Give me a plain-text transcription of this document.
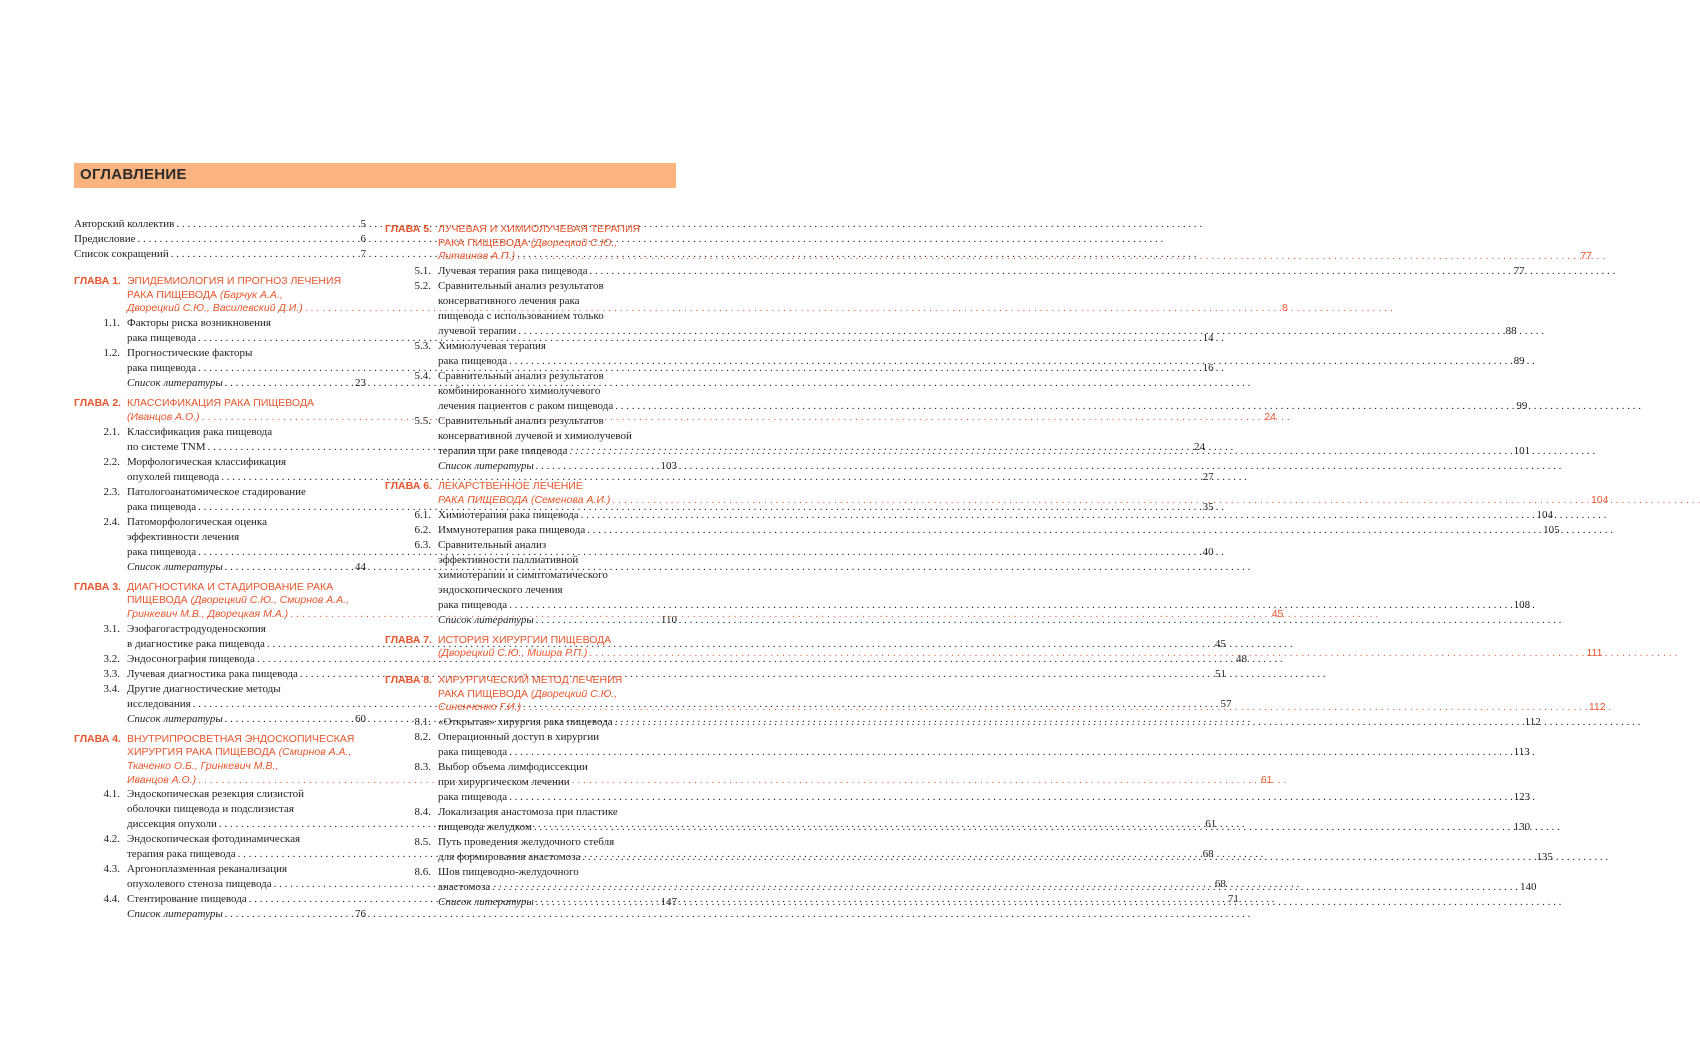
ОГЛАВЛЕНИЕ
Авторский коллектив . . .	5
Предисловие . . .	6
Список сокращений . . .	7
ГЛАВА 1. ЭПИДЕМИОЛОГИЯ И ПРОГНОЗ ЛЕЧЕНИЯ
РАКА ПИЩЕВОДА (Барчук А.А.,
Дворецкий С.Ю., Василевский Д.И.) . . .	8
1.1. Факторы риска возникновения
рака пищевода . . .	14
1.2. Прогностические факторы
рака пищевода . . .	16
Список литературы . . .	23
ГЛАВА 2. КЛАССИФИКАЦИЯ РАКА ПИЩЕВОДА
(Иванцов А.О.) . . .	24
2.1. Классификация рака пищевода
по системе TNM . . .	24
2.2. Морфологическая классификация
опухолей пищевода . . .	27
2.3. Патологоанатомическое стадирование
рака пищевода . . .	35
2.4. Патоморфологическая оценка
эффективности лечения
рака пищевода . . .	40
Список литературы . . .	44
ГЛАВА 3. ДИАГНОСТИКА И СТАДИРОВАНИЕ РАКА
ПИЩЕВОДА (Дворецкий С.Ю., Смирнов А.А.,
Гринкевич М.В., Дворецкая М.А.) . . .	45
3.1. Эзофагогастродуоденоскопия
в диагностике рака пищевода . . .	45
3.2. Эндосонография пищевода . . .	48
3.3. Лучевая диагностика рака пищевода . . .	51
3.4. Другие диагностические методы
исследования . . .	57
Список литературы . . .	60
ГЛАВА 4. ВНУТРИПРОСВЕТНАЯ ЭНДОСКОПИЧЕСКАЯ
ХИРУРГИЯ РАКА ПИЩЕВОДА (Смирнов А.А.,
Ткаченко О.Б., Гринкевич М.В.,
Иванцов А.О.) . . .	61
4.1. Эндоскопическая резекция слизистой
оболочки пищевода и подслизистая
диссекция опухоли . . .	61
4.2. Эндоскопическая фотодинамическая
терапия рака пищевода . . .	68
4.3. Аргоноплазменная реканализация
опухолевого стеноза пищевода . . .	68
4.4. Стентирование пищевода . . .	71
Список литературы . . .	76
ГЛАВА 5. ЛУЧЕВАЯ И ХИМИОЛУЧЕВАЯ ТЕРАПИЯ
РАКА ПИЩЕВОДА (Дворецкий С.Ю.,
Литвинов А.П.) . . .	77
5.1. Лучевая терапия рака пищевода . . .	77
5.2. Сравнительный анализ результатов
консервативного лечения рака
пищевода с использованием только
лучевой терапии . . .	88
5.3. Химиолучевая терапия
рака пищевода . . .	89
5.4. Сравнительный анализ результатов
комбинированного химиолучевого
лечения пациентов с раком пищевода . . .	99
5.5. Сравнительный анализ результатов
консервативной лучевой и химиолучевой
терапии при раке пищевода . . .	101
Список литературы . . .	103
ГЛАВА 6. ЛЕКАРСТВЕННОЕ ЛЕЧЕНИЕ
РАКА ПИЩЕВОДА (Семенова А.И.) . . .	104
6.1. Химиотерапия рака пищевода . . .	104
6.2. Иммунотерапия рака пищевода . . .	105
6.3. Сравнительный анализ
эффективности паллиативной
химиотерапии и симптоматического
эндоскопического лечения
рака пищевода . . .	108
Список литературы . . .	110
ГЛАВА 7. ИСТОРИЯ ХИРУРГИИ ПИЩЕВОДА
(Дворецкий С.Ю., Мишра Р.П.) . . .	111
ГЛАВА 8. ХИРУРГИЧЕСКИЙ МЕТОД ЛЕЧЕНИЯ
РАКА ПИЩЕВОДА (Дворецкий С.Ю.,
Синенченко Г.И.) . . .	112
8.1. «Открытая» хирургия рака пищевода . . .	112
8.2. Операционный доступ в хирургии
рака пищевода . . .	113
8.3. Выбор объема лимфодиссекции
при хирургическом лечении
рака пищевода . . .	123
8.4. Локализация анастомоза при пластике
пищевода желудком . . .	130
8.5. Путь проведения желудочного стебля
для формирования анастомоза . . .	135
8.6. Шов пищеводно-желудочного
анастомоза . . .	140
Список литературы . . .	147
